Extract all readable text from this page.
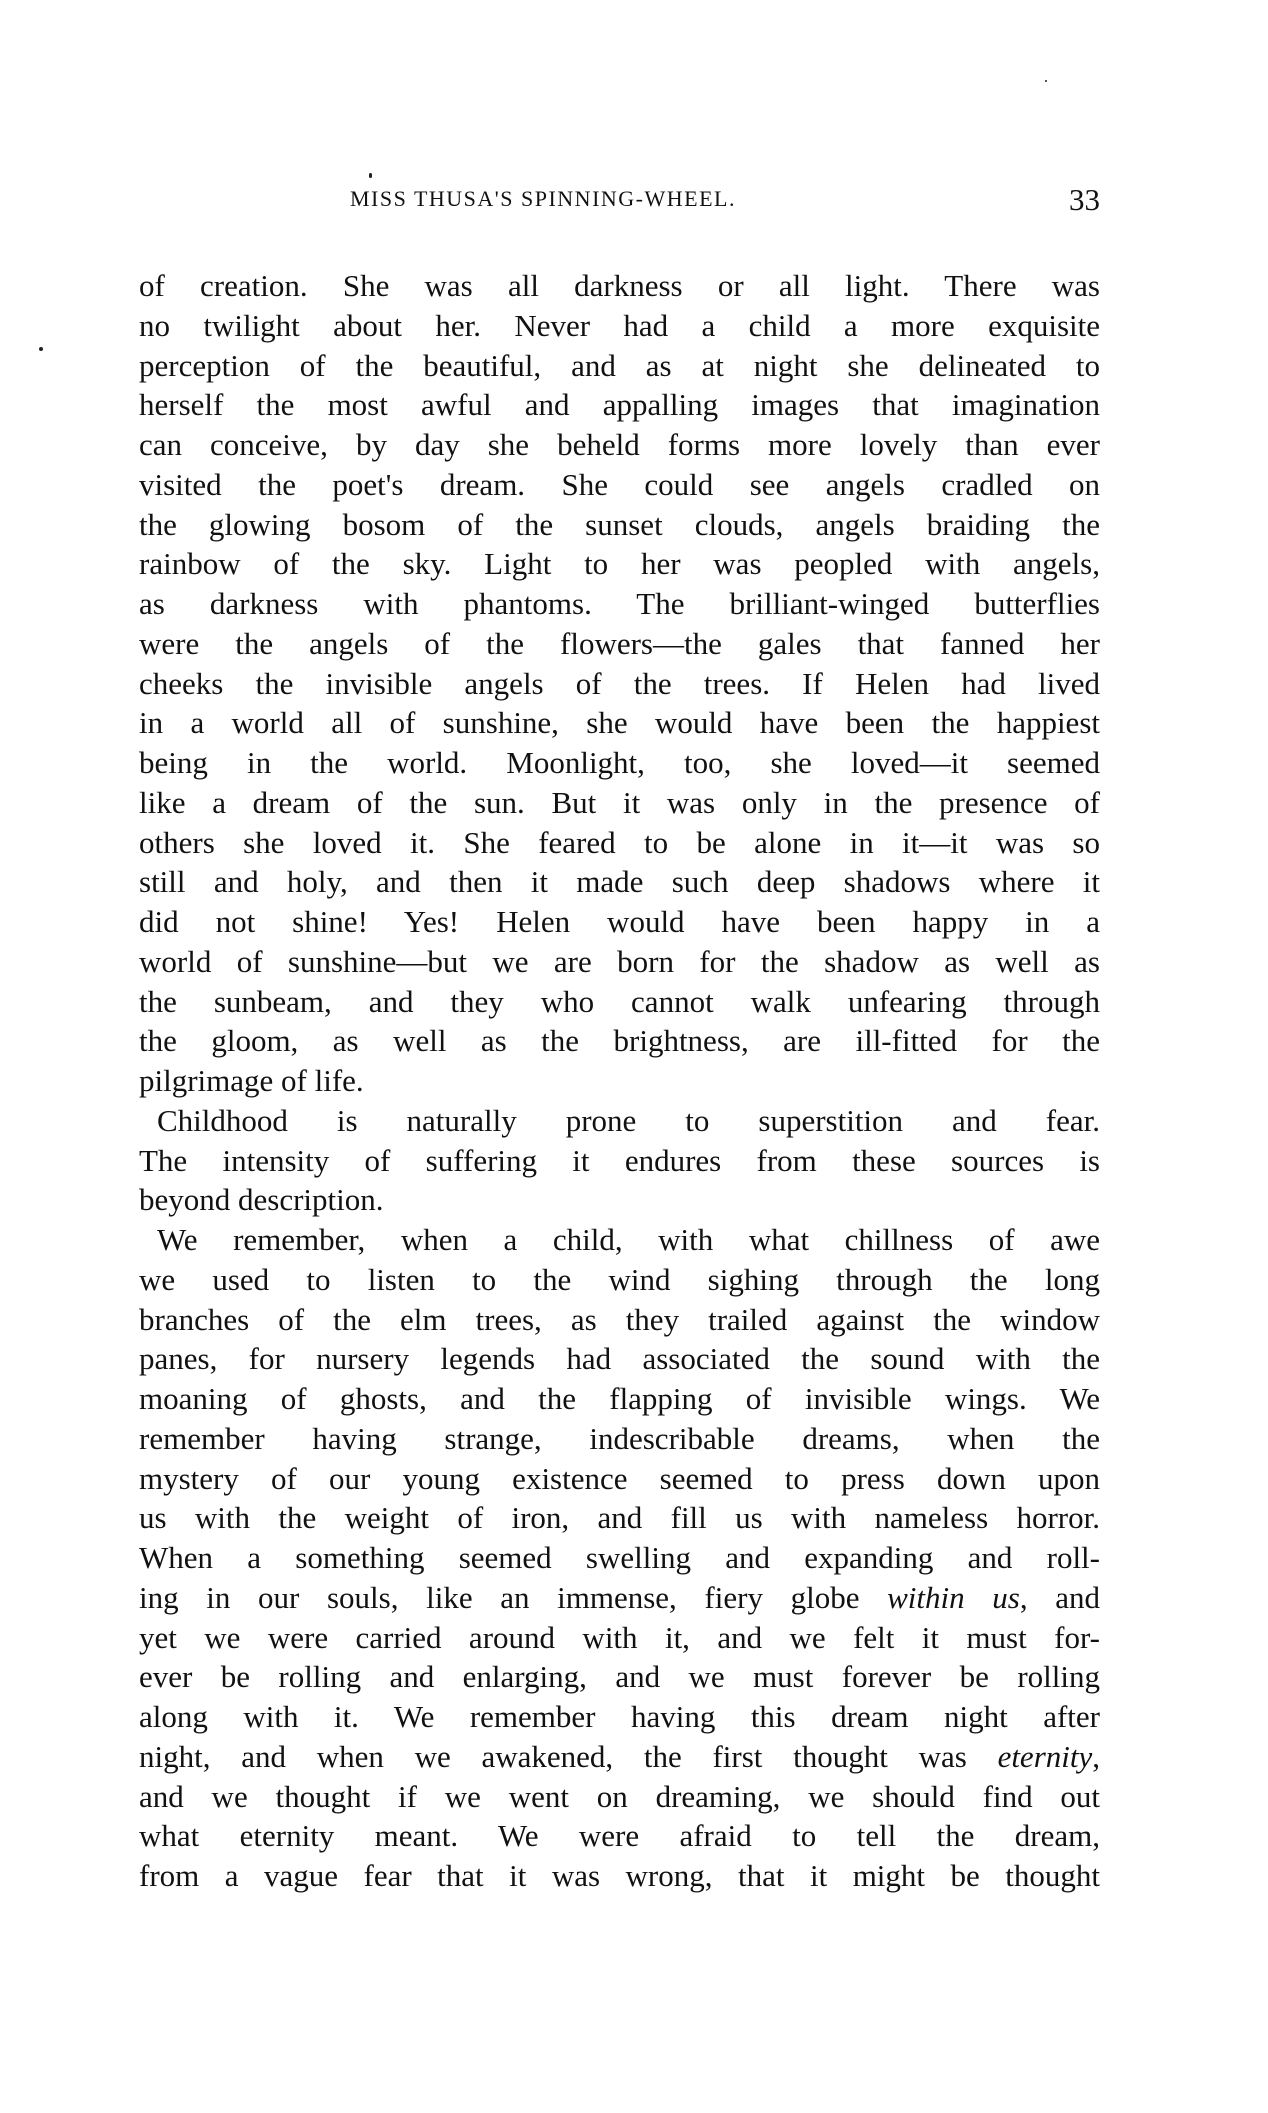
MISS THUSA'S SPINNING-WHEEL.	33
of creation. She was all darkness or all light. There was
no twilight about her. Never had a child a more exquisite
perception of the beautiful, and as at night she delineated to
herself the most awful and appalling images that imagination
can conceive, by day she beheld forms more lovely than ever
visited the poet's dream. She could see angels cradled on
the glowing bosom of the sunset clouds, angels braiding the
rainbow of the sky. Light to her was peopled with angels,
as darkness with phantoms. The brilliant-winged butterflies
were the angels of the flowers—the gales that fanned her
cheeks the invisible angels of the trees. If Helen had lived
in a world all of sunshine, she would have been the happiest
being in the world. Moonlight, too, she loved—it seemed
like a dream of the sun. But it was only in the presence of
others she loved it. She feared to be alone in it—it was so
still and holy, and then it made such deep shadows where it
did not shine! Yes! Helen would have been happy in a
world of sunshine—but we are born for the shadow as well as
the sunbeam, and they who cannot walk unfearing through
the gloom, as well as the brightness, are ill-fitted for the
pilgrimage of life.
Childhood is naturally prone to superstition and fear.
The intensity of suffering it endures from these sources is
beyond description.
We remember, when a child, with what chillness of awe
we used to listen to the wind sighing through the long
branches of the elm trees, as they trailed against the window
panes, for nursery legends had associated the sound with the
moaning of ghosts, and the flapping of invisible wings. We
remember having strange, indescribable dreams, when the
mystery of our young existence seemed to press down upon
us with the weight of iron, and fill us with nameless horror.
When a something seemed swelling and expanding and roll-
ing in our souls, like an immense, fiery globe within us, and
yet we were carried around with it, and we felt it must for-
ever be rolling and enlarging, and we must forever be rolling
along with it. We remember having this dream night after
night, and when we awakened, the first thought was eternity,
and we thought if we went on dreaming, we should find out
what eternity meant. We were afraid to tell the dream,
from a vague fear that it was wrong, that it might be thought
